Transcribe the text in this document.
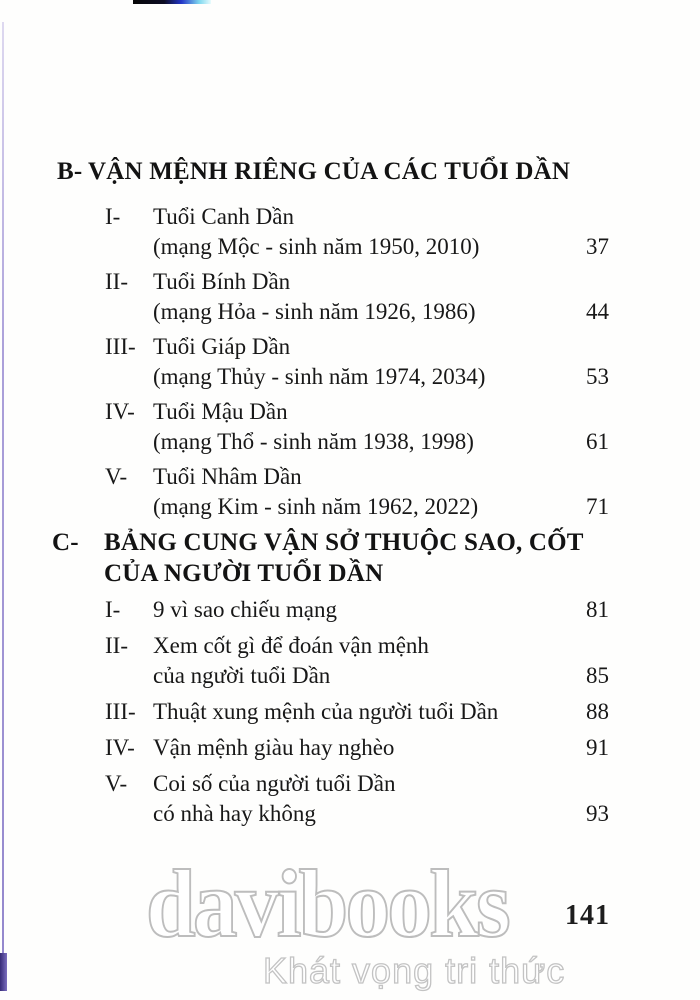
B- VẬN MỆNH RIÊNG CỦA CÁC TUỔI DẦN
I-	Tuổi Canh Dần
(mạng Mộc - sinh năm 1950, 2010)	37
II-	Tuổi Bính Dần
(mạng Hỏa - sinh năm 1926, 1986)	44
III- Tuổi Giáp Dần
(mạng Thủy - sinh năm 1974, 2034)	53
IV- Tuổi Mậu Dần
(mạng Thổ - sinh năm 1938, 1998)	61
V-	Tuổi Nhâm Dần
(mạng Kim - sinh năm 1962, 2022)	71
C-	BẢNG CUNG VẬN SỞ THUỘC SAO, CỐT
CỦA NGƯỜI TUỔI DẦN
I-	9 vì sao chiếu mạng	81
II-	Xem cốt gì để đoán vận mệnh
của người tuổi Dần	85
III- Thuật xung mệnh của người tuổi Dần	88
IV- Vận mệnh giàu hay nghèo	91
V-	Coi số của người tuổi Dần
có nhà hay không	93
davibooks
Khát vọng tri thức
141
